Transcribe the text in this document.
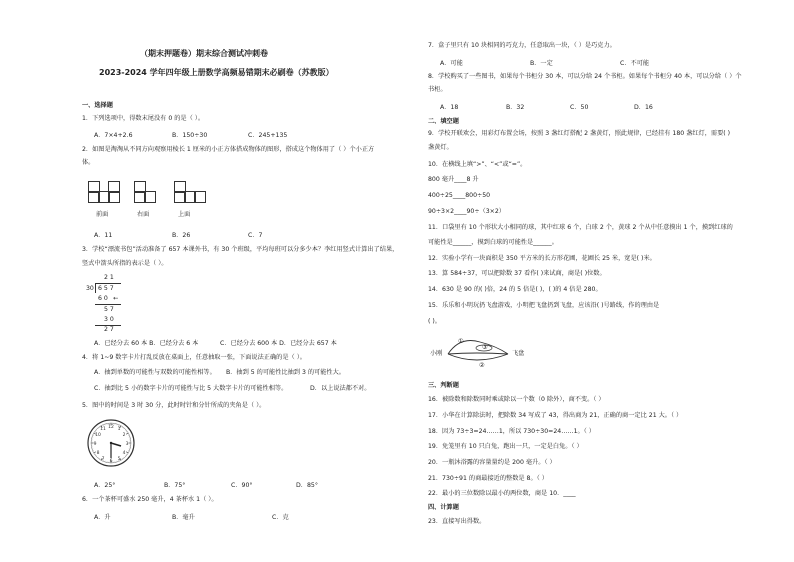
（期末押题卷）期末综合测试冲刺卷
2023-2024 学年四年级上册数学高频易错期末必刷卷（苏教版）
一、选择题
1．下列选项中，得数末尾没有 0 的是（ ）。
A．7×4+2.6	B．150÷30	C．245+135
2．如图是淘淘从不同方向观察用棱长 1 厘米的小正方体搭成物体的图形，搭成这个物体用了（ ）个小正方
体。
前面	右面	上面
A．11	B．26	C．7
3．学校“漂流书包”活动准备了 657 本课外书，有 30 个班级，平均每班可以分多少本？李红用竖式计算出了结果，
竖式中箭头所指的表示是（ ）。
2 1
30 6 5 7
6 0 ←
5 7
3 0
2 7
A．已经分去 60 本 B．已经分去 6 本	C．已经分去 600 本 D．已经分去 657 本
4．将 1~9 数字卡片打乱反放在桌面上，任意抽取一张，下面说法正确的是（ ）。
A．抽到单数的可能性与双数的可能性相等。 B．抽到 5 的可能性比抽到 3 的可能性大。
C．抽到比 5 小的数字卡片的可能性与比 5 大数字卡片的可能性相等。	D．以上说法都不对。
5．图中的时间是 3 时 30 分，此时时针和分针所成的夹角是（ ）。
12 1
2
3
4
5
6
7
8
9
10
11
A．25°	B．75°	C．90°	D．85°
6．一个茶杯可盛水 250 毫升，4 茶杯水 1（ ）。
A．升	B．毫升	C．克
7．盒子里只有 10 块相同的巧克力，任意取出一块，（ ）是巧克力。
A．可能	B．一定	C．不可能
8．学校购买了一些图书，如果每个书柜分 30 本，可以分给 24 个书柜。如果每个书柜分 40 本，可以分给（ ）个
书柜。
A．18	B．32	C．50	D．16
二、填空题
9．学校开联欢会，用彩灯布置会场，按照 3 盏红灯搭配 2 盏黄灯，照此规律，已经挂有 180 盏红灯，需要( )
盏黄灯。
10．在横线上填“>”、“<”或“=”。
800 毫升____8 升
400÷25____800÷50
90÷3×2____90÷（3×2）
11．口袋里有 10 个形状大小相同的球，其中红球 6 个，白球 2 个，黄球 2 个从中任意摸出 1 个，摸到红球的
可能性是______，摸到白球的可能性是______。
12．实验小学有一块面积是 350 平方米的长方形花圃，花圃长 25 米，宽是( )米。
13．算 584÷37，可以把除数 37 看作( )来试商，商是( )位数。
14．630 是 90 的( )倍，24 的 5 倍是( )，( )的 4 倍是 280。
15．乐乐和小明玩扔飞盘游戏，小明把飞盘扔到飞盘，应该沿( )号路线，作的理由是
( )。
小刚	飞盘
①
②
③
三、判断题
16．被除数和除数同时乘或除以一个数（0 除外），商不变。（ ）
17．小华在计算除法时，把除数 34 写成了 43，得出商为 21，正确的商一定比 21 大。（ ）
18．因为 73÷3=24……1，所以 730÷30=24……1。（ ）
19．免笼里有 10 只白兔，跑出一只，一定是白兔。（ ）
20．一瓶沐浴露的容量量约是 200 毫升。（ ）
21．730÷91 的商最接近的整数是 8。（ ）
22．最小的三位数除以最小的两位数，商是 10．____
四、计算题
23．直接写出得数。
